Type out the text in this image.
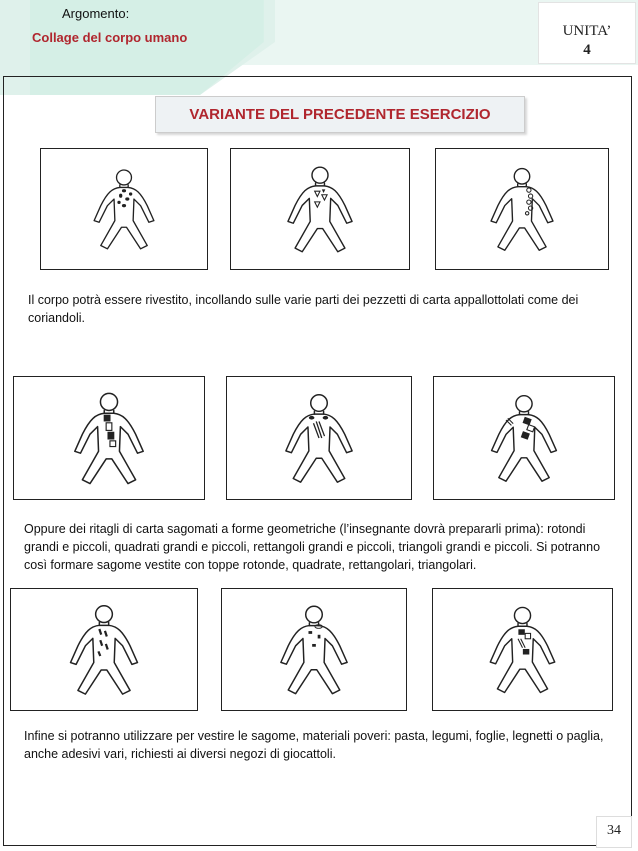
Argomento:
Collage del corpo umano	UNITA’
4
VARIANTE DEL PRECEDENTE ESERCIZIO
Il corpo potrà essere rivestito, incollando sulle varie parti dei pezzetti di carta appallottolati come dei coriandoli.
Oppure dei ritagli di carta sagomati a forme geometriche (l’insegnante dovrà prepararli prima): rotondi grandi e piccoli, quadrati grandi e piccoli, rettangoli grandi e piccoli, triangoli grandi e piccoli. Si potranno così formare sagome vestite con toppe rotonde, quadrate, rettangolari, triangolari.
Infine si potranno utilizzare per vestire le sagome, materiali poveri: pasta, legumi, foglie, legnetti o paglia, anche adesivi vari, richiesti ai diversi negozi di giocattoli.
34
